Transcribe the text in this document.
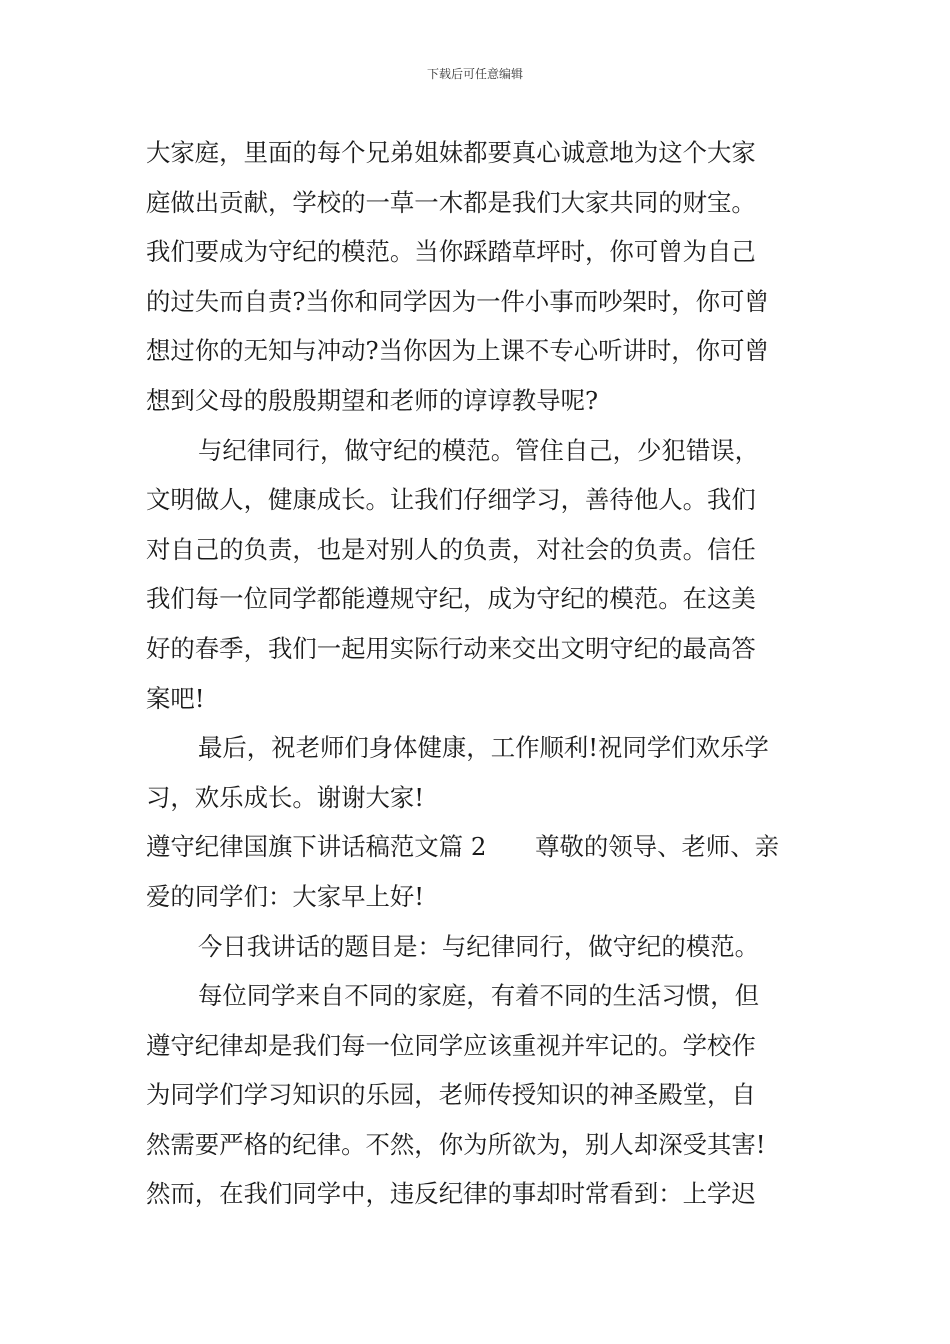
下载后可任意编辑
大家庭，里面的每个兄弟姐妹都要真心诚意地为这个大家
庭做出贡献，学校的一草一木都是我们大家共同的财宝。
我们要成为守纪的模范。当你踩踏草坪时，你可曾为自己
的过失而自责?当你和同学因为一件小事而吵架时，你可曾
想过你的无知与冲动?当你因为上课不专心听讲时，你可曾
想到父母的殷殷期望和老师的谆谆教导呢?
与纪律同行，做守纪的模范。管住自己，少犯错误，
文明做人，健康成长。让我们仔细学习，善待他人。我们
对自己的负责，也是对别人的负责，对社会的负责。信任
我们每一位同学都能遵规守纪，成为守纪的模范。在这美
好的春季，我们一起用实际行动来交出文明守纪的最高答
案吧!
最后，祝老师们身体健康，工作顺利!祝同学们欢乐学
习，欢乐成长。谢谢大家!
遵守纪律国旗下讲话稿范文篇 2　　尊敬的领导、老师、亲
爱的同学们：大家早上好!
今日我讲话的题目是：与纪律同行，做守纪的模范。
每位同学来自不同的家庭，有着不同的生活习惯，但
遵守纪律却是我们每一位同学应该重视并牢记的。学校作
为同学们学习知识的乐园，老师传授知识的神圣殿堂，自
然需要严格的纪律。不然，你为所欲为，别人却深受其害!
然而，在我们同学中，违反纪律的事却时常看到：上学迟
